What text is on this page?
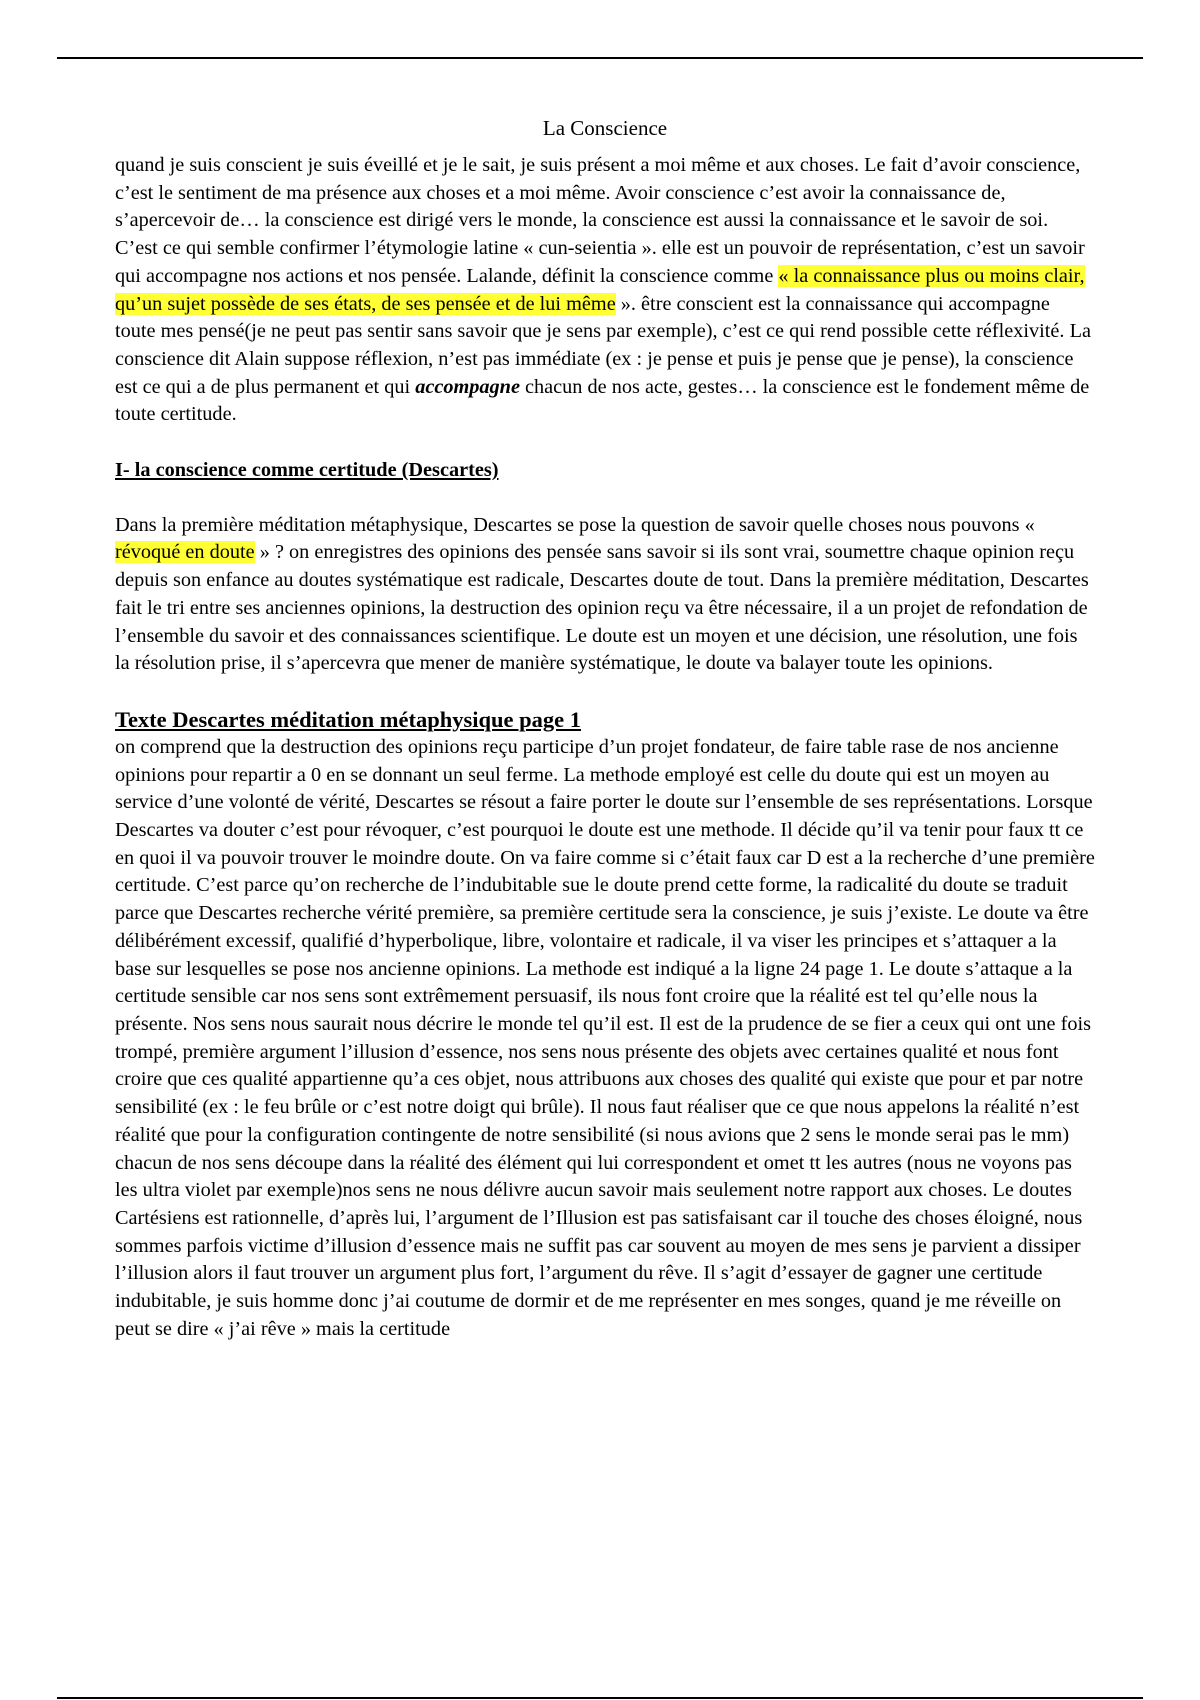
La Conscience

quand je suis conscient je suis éveillé et je le sait, je suis présent a moi même et aux choses. Le fait d’avoir conscience, c’est le sentiment de ma présence aux choses et a moi même. Avoir conscience c’est avoir la connaissance de, s’apercevoir de… la conscience est dirigé vers le monde, la conscience est aussi la connaissance et le savoir de soi. C’est ce qui semble confirmer l’étymologie latine « cun-seientia ». elle est un pouvoir de représentation, c’est un savoir qui accompagne nos actions et nos pensée. Lalande, définit la conscience comme « la connaissance plus ou moins clair, qu’un sujet possède de ses états, de ses pensée et de lui même ». être conscient est la connaissance qui accompagne toute mes pensé(je ne peut pas sentir sans savoir que je sens par exemple), c’est ce qui rend possible cette réflexivité. La conscience dit Alain suppose réflexion, n’est pas immédiate (ex : je pense et puis je pense que je pense), la conscience est ce qui a de plus permanent et qui accompagne chacun de nos acte, gestes… la conscience est le fondement même de toute certitude.

I- la conscience comme certitude (Descartes)

Dans la première méditation métaphysique, Descartes se pose la question de savoir quelle choses nous pouvons « révoqué en doute » ? on enregistres des opinions des pensée sans savoir si ils sont vrai, soumettre chaque opinion reçu depuis son enfance au doutes systématique est radicale, Descartes doute de tout. Dans la première méditation, Descartes fait le tri entre ses anciennes opinions, la destruction des opinion reçu va être nécessaire, il a un projet de refondation de l’ensemble du savoir et des connaissances scientifique. Le doute est un moyen et une décision, une résolution, une fois la résolution prise, il s’apercevra que mener de manière systématique, le doute va balayer toute les opinions.

Texte Descartes méditation métaphysique page 1

on comprend que la destruction des opinions reçu participe d’un projet fondateur, de faire table rase de nos ancienne opinions pour repartir a 0 en se donnant un seul ferme. La methode employé est celle du doute qui est un moyen au service d’une volonté de vérité, Descartes se résout a faire porter le doute sur l’ensemble de ses représentations. Lorsque Descartes va douter c’est pour révoquer, c’est pourquoi le doute est une methode. Il décide qu’il va tenir pour faux tt ce en quoi il va pouvoir trouver le moindre doute. On va faire comme si c’était faux car D est a la recherche d’une première certitude. C’est parce qu’on recherche de l’indubitable sue le doute prend cette forme, la radicalité du doute se traduit parce que Descartes recherche vérité première, sa première certitude sera la conscience, je suis j’existe. Le doute va être délibérément excessif, qualifié d’hyperbolique, libre, volontaire et radicale, il va viser les principes et s’attaquer a la base sur lesquelles se pose nos ancienne opinions. La methode est indiqué a la ligne 24 page 1. Le doute s’attaque a la certitude sensible car nos sens sont extrêmement persuasif, ils nous font croire que la réalité est tel qu’elle nous la présente. Nos sens nous saurait nous décrire le monde tel qu’il est. Il est de la prudence de se fier a ceux qui ont une fois trompé, première argument l’illusion d’essence, nos sens nous présente des objets avec certaines qualité et nous font croire que ces qualité appartienne qu’a ces objet, nous attribuons aux choses des qualité qui existe que pour et par notre sensibilité (ex : le feu brûle or c’est notre doigt qui brûle). Il nous faut réaliser que ce que nous appelons la réalité n’est réalité que pour la configuration contingente de notre sensibilité (si nous avions que 2 sens le monde serai pas le mm) chacun de nos sens découpe dans la réalité des élément qui lui correspondent et omet tt les autres (nous ne voyons pas les ultra violet par exemple)nos sens ne nous délivre aucun savoir mais seulement notre rapport aux choses. Le doutes Cartésiens est rationnelle, d’après lui, l’argument de l’Illusion est pas satisfaisant car il touche des choses éloigné, nous sommes parfois victime d’illusion d’essence mais ne suffit pas car souvent au moyen de mes sens je parvient a dissiper l’illusion alors il faut trouver un argument plus fort, l’argument du rêve. Il s’agit d’essayer de gagner une certitude indubitable, je suis homme donc j’ai coutume de dormir et de me représenter en mes songes, quand je me réveille on peut se dire « j’ai rêve » mais la certitude
